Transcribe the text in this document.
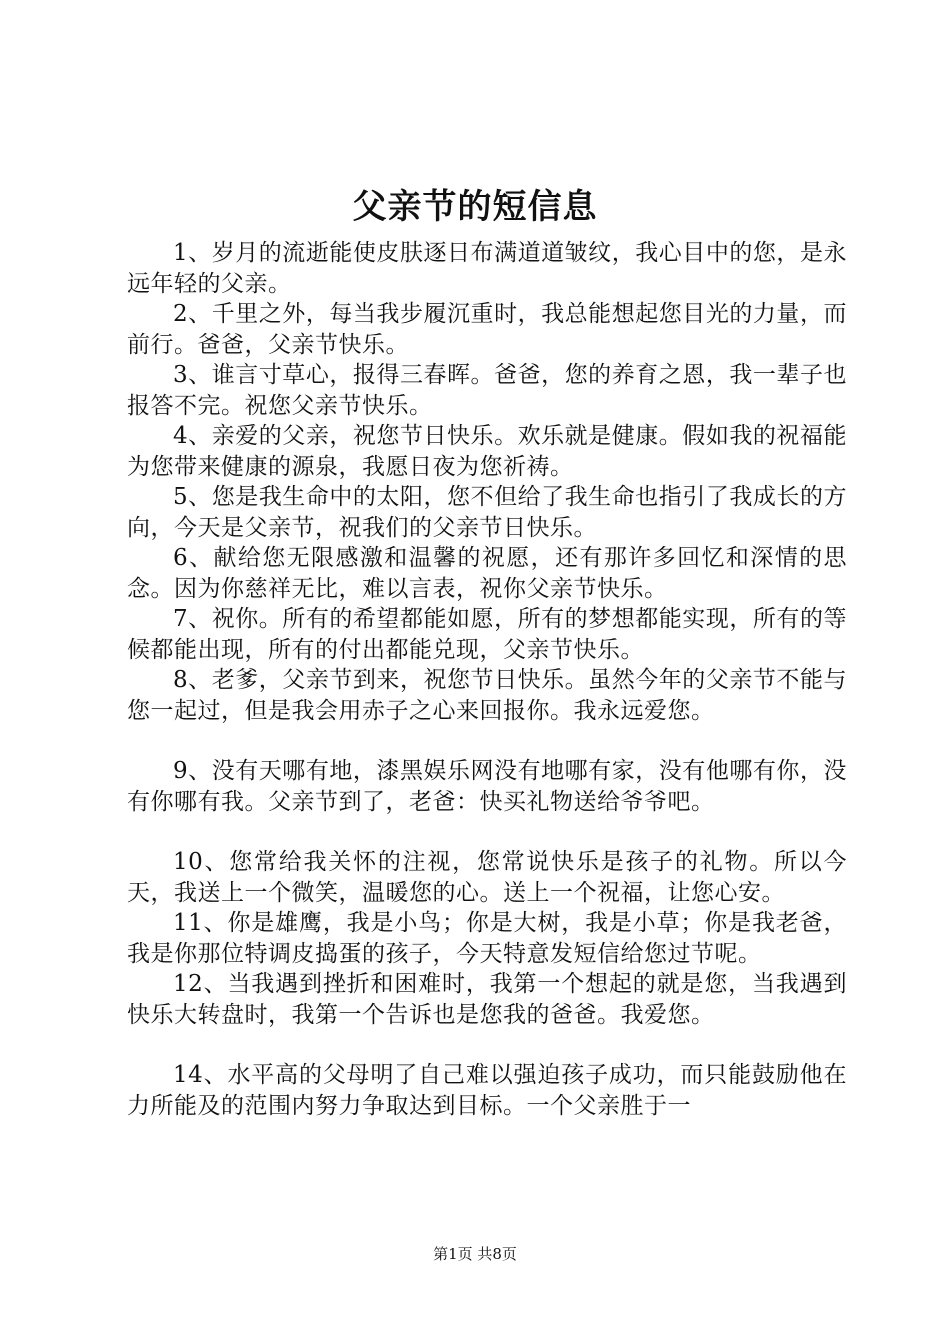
父亲节的短信息

1、岁月的流逝能使皮肤逐日布满道道皱纹，我心目中的您，是永远年轻的父亲。

2、千里之外，每当我步履沉重时，我总能想起您目光的力量，而前行。爸爸，父亲节快乐。

3、谁言寸草心，报得三春晖。爸爸，您的养育之恩，我一辈子也报答不完。祝您父亲节快乐。

4、亲爱的父亲，祝您节日快乐。欢乐就是健康。假如我的祝福能为您带来健康的源泉，我愿日夜为您祈祷。

5、您是我生命中的太阳，您不但给了我生命也指引了我成长的方向，今天是父亲节，祝我们的父亲节日快乐。

6、献给您无限感激和温馨的祝愿，还有那许多回忆和深情的思念。因为你慈祥无比，难以言表，祝你父亲节快乐。

7、祝你。所有的希望都能如愿，所有的梦想都能实现，所有的等候都能出现，所有的付出都能兑现，父亲节快乐。

8、老爹，父亲节到来，祝您节日快乐。虽然今年的父亲节不能与您一起过，但是我会用赤子之心来回报你。我永远爱您。

9、没有天哪有地，漆黑娱乐网没有地哪有家，没有他哪有你，没有你哪有我。父亲节到了，老爸：快买礼物送给爷爷吧。

10、您常给我关怀的注视，您常说快乐是孩子的礼物。所以今天，我送上一个微笑，温暖您的心。送上一个祝福，让您心安。

11、你是雄鹰，我是小鸟；你是大树，我是小草；你是我老爸，我是你那位特调皮捣蛋的孩子，今天特意发短信给您过节呢。

12、当我遇到挫折和困难时，我第一个想起的就是您，当我遇到快乐大转盘时，我第一个告诉也是您我的爸爸。我爱您。

14、水平高的父母明了自己难以强迫孩子成功，而只能鼓励他在力所能及的范围内努力争取达到目标。一个父亲胜于一

第1页 共8页
